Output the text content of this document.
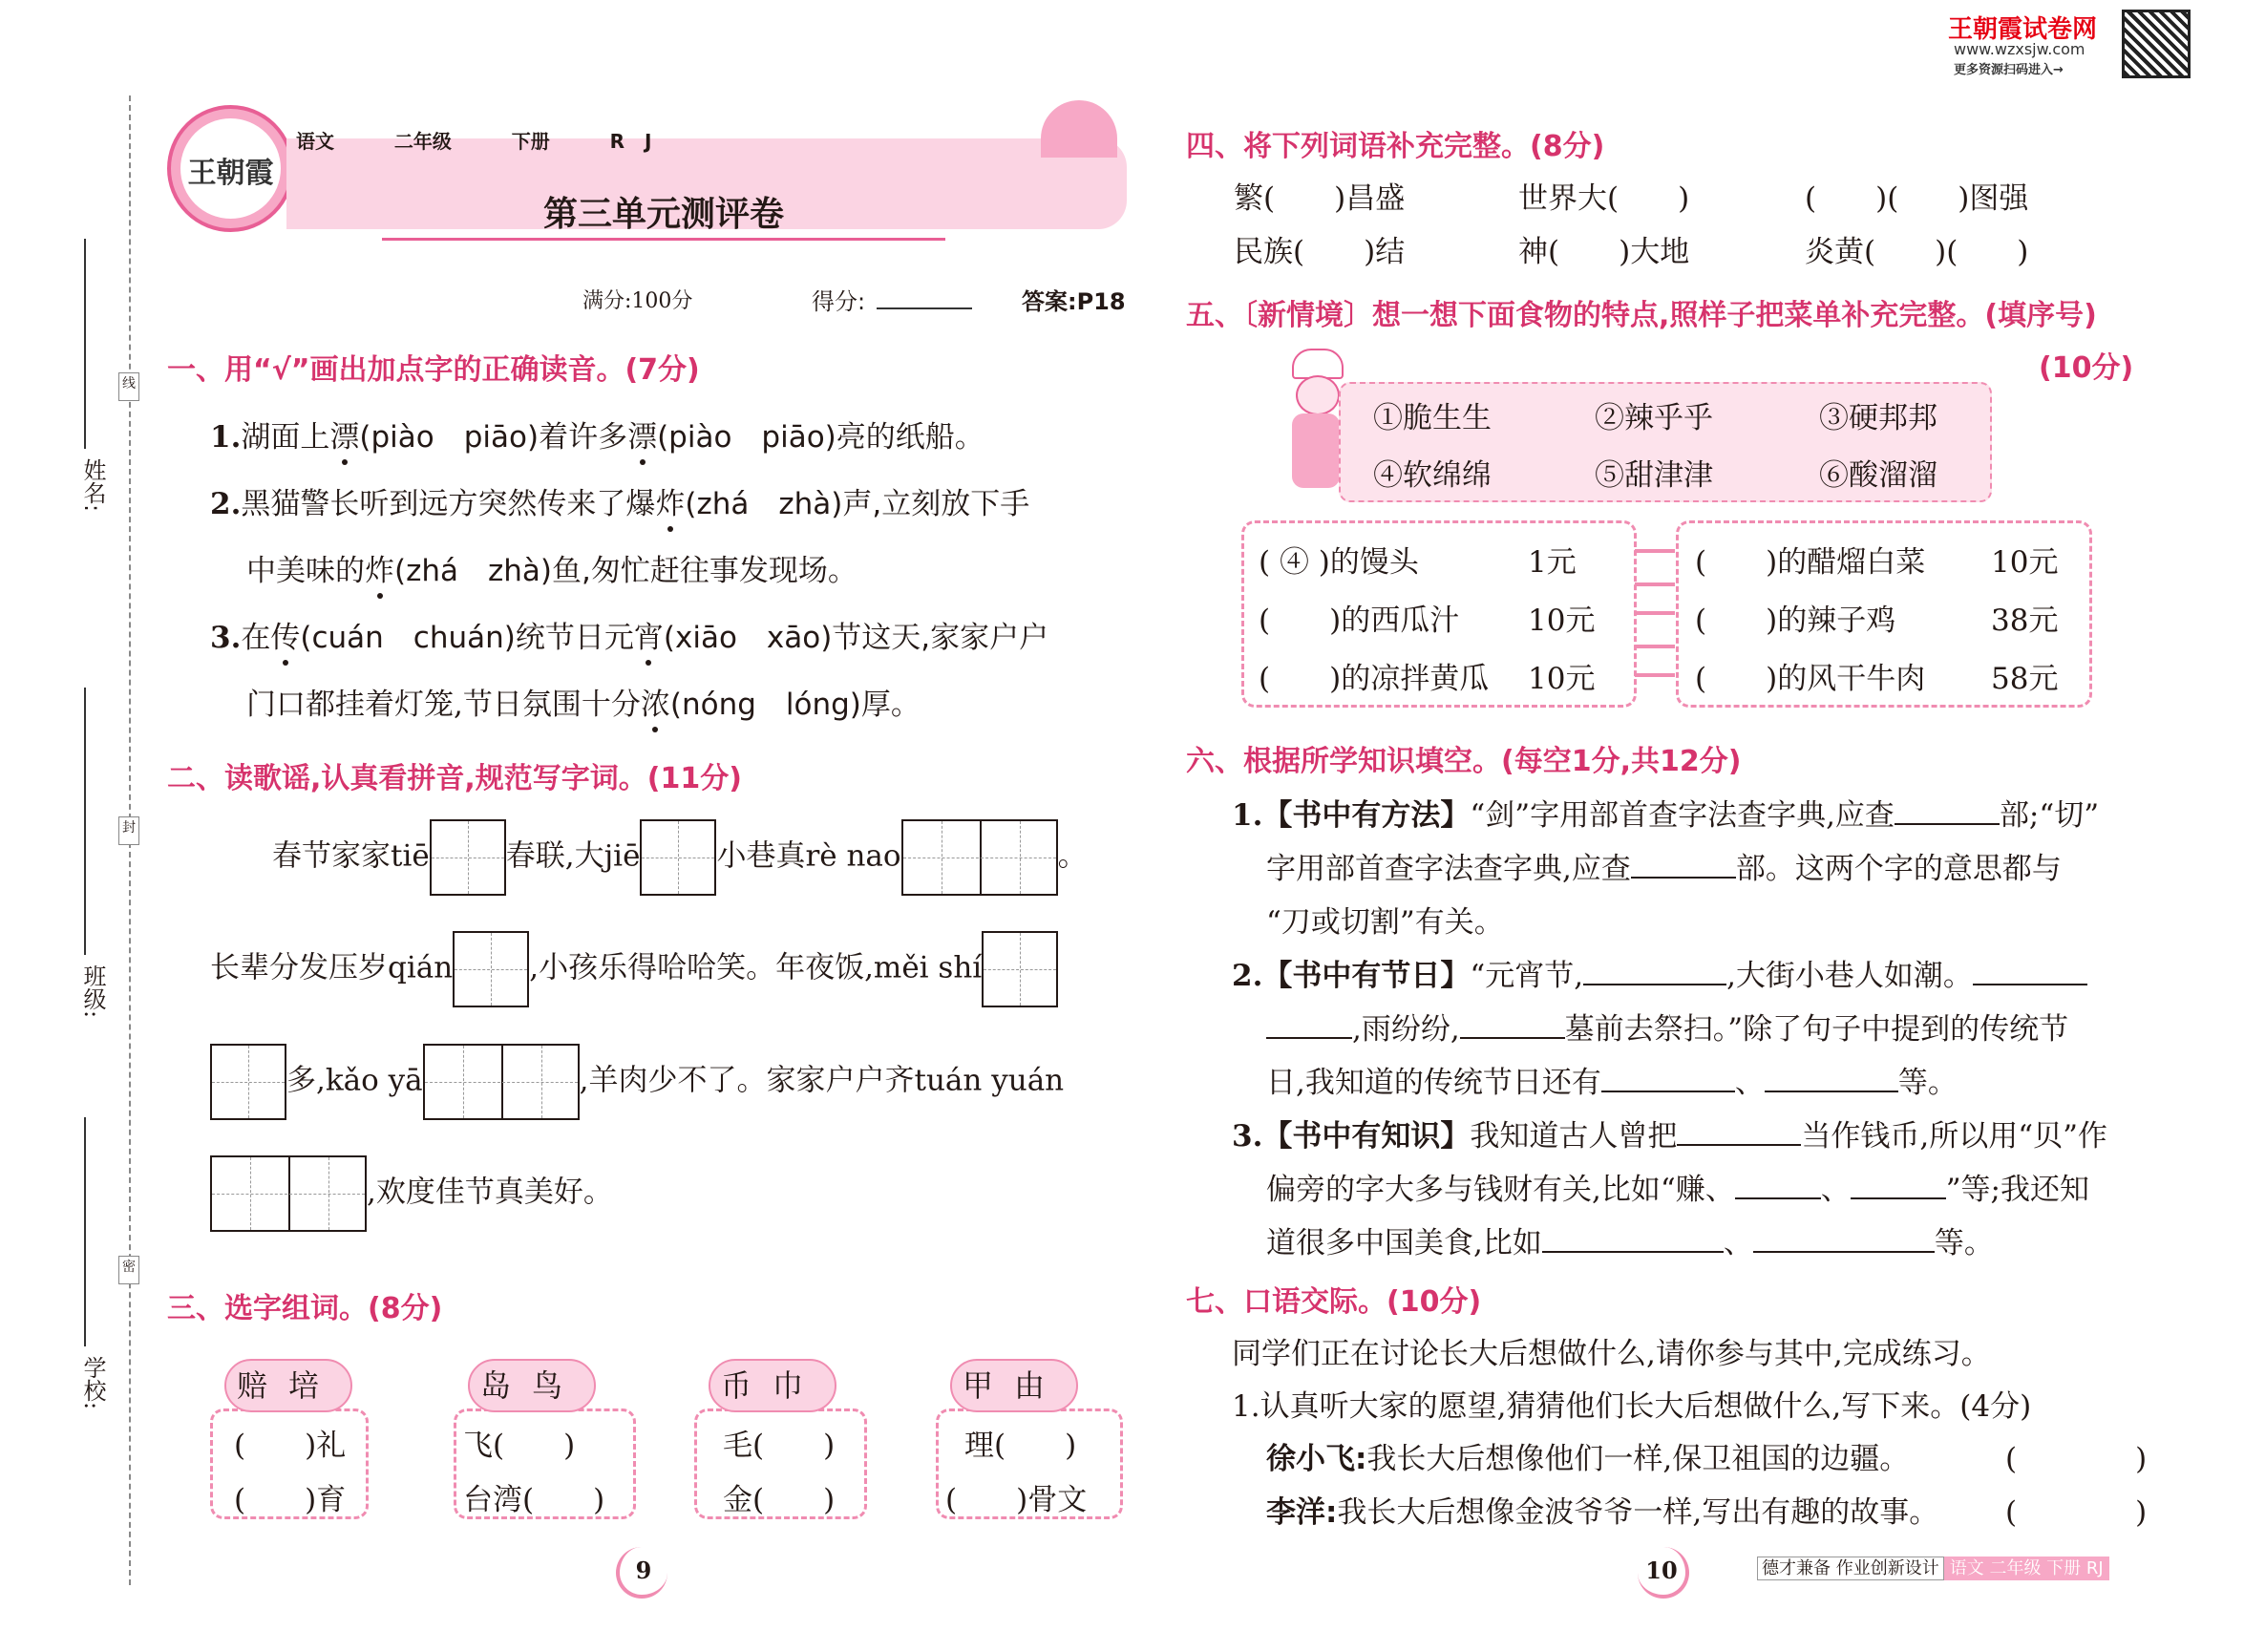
姓名:
班级:
学校:
线
封
密
王朝霞
语文	二年级	下册	R J
第三单元测评卷
满分:100分	得分:	答案:P18
王朝霞试卷网
www.wzxsjw.com
更多资源扫码进入→
一、用“√”画出加点字的正确读音。(7分)
1.湖面上漂(piào　piāo)着许多漂(piào　piāo)亮的纸船。
2.黑猫警长听到远方突然传来了爆炸(zhá　zhà)声,立刻放下手
中美味的炸(zhá　zhà)鱼,匆忙赶往事发现场。
3.在传(cuán　chuán)统节日元宵(xiāo　xāo)节这天,家家户户
门口都挂着灯笼,节日氛围十分浓(nóng　lóng)厚。
二、读歌谣,认真看拼音,规范写字词。(11分)
春节家家tiē	春联,大jiē	小巷真rè nao	。
长辈分发压岁qián	,小孩乐得哈哈笑。年夜饭,měi shí
多,kǎo yā	,羊肉少不了。家家户户齐tuán yuán
,欢度佳节真美好。
三、选字组词。(8分)
赔培
(　　)礼
(　　)育
岛鸟
飞(　　)
台湾(　　)
币巾
毛(　　)
金(　　)
甲由
理(　　)
(　　)骨文
四、将下列词语补充完整。(8分)
繁(　　)昌盛	世界大(　　)	(　　)(　　)图强
民族(　　)结	神(　　)大地	炎黄(　　)(　　)
五、〔新情境〕想一想下面食物的特点,照样子把菜单补充完整。(填序号)
(10分)
①脆生生	②辣乎乎	③硬邦邦
④软绵绵	⑤甜津津	⑥酸溜溜
( ④ )的馒头	1元
(　　)的西瓜汁 10元
(　　)的凉拌黄瓜 10元
(　　)的醋熘白菜 10元
(　　)的辣子鸡	38元
(　　)的风干牛肉 58元
六、根据所学知识填空。(每空1分,共12分)
1.【书中有方法】“剑”字用部首查字法查字典,应查	部;“切”
字用部首查字法查字典,应查	部。这两个字的意思都与
“刀或切割”有关。
2.【书中有节日】“元宵节,	,大街小巷人如潮。
,雨纷纷,	墓前去祭扫。”除了句子中提到的传统节
日,我知道的传统节日还有	、	等。
3.【书中有知识】我知道古人曾把	当作钱币,所以用“贝”作
偏旁的字大多与钱财有关,比如“赚、	、	”等;我还知
道很多中国美食,比如	、	等。
七、口语交际。(10分)
同学们正在讨论长大后想做什么,请你参与其中,完成练习。
1.认真听大家的愿望,猜猜他们长大后想做什么,写下来。(4分)
徐小飞:我长大后想像他们一样,保卫祖国的边疆。	(　　　　)
李洋:我长大后想像金波爷爷一样,写出有趣的故事。 (　　　　)
9	10	德才兼备 作业创新设计 语文 二年级 下册 RJ
